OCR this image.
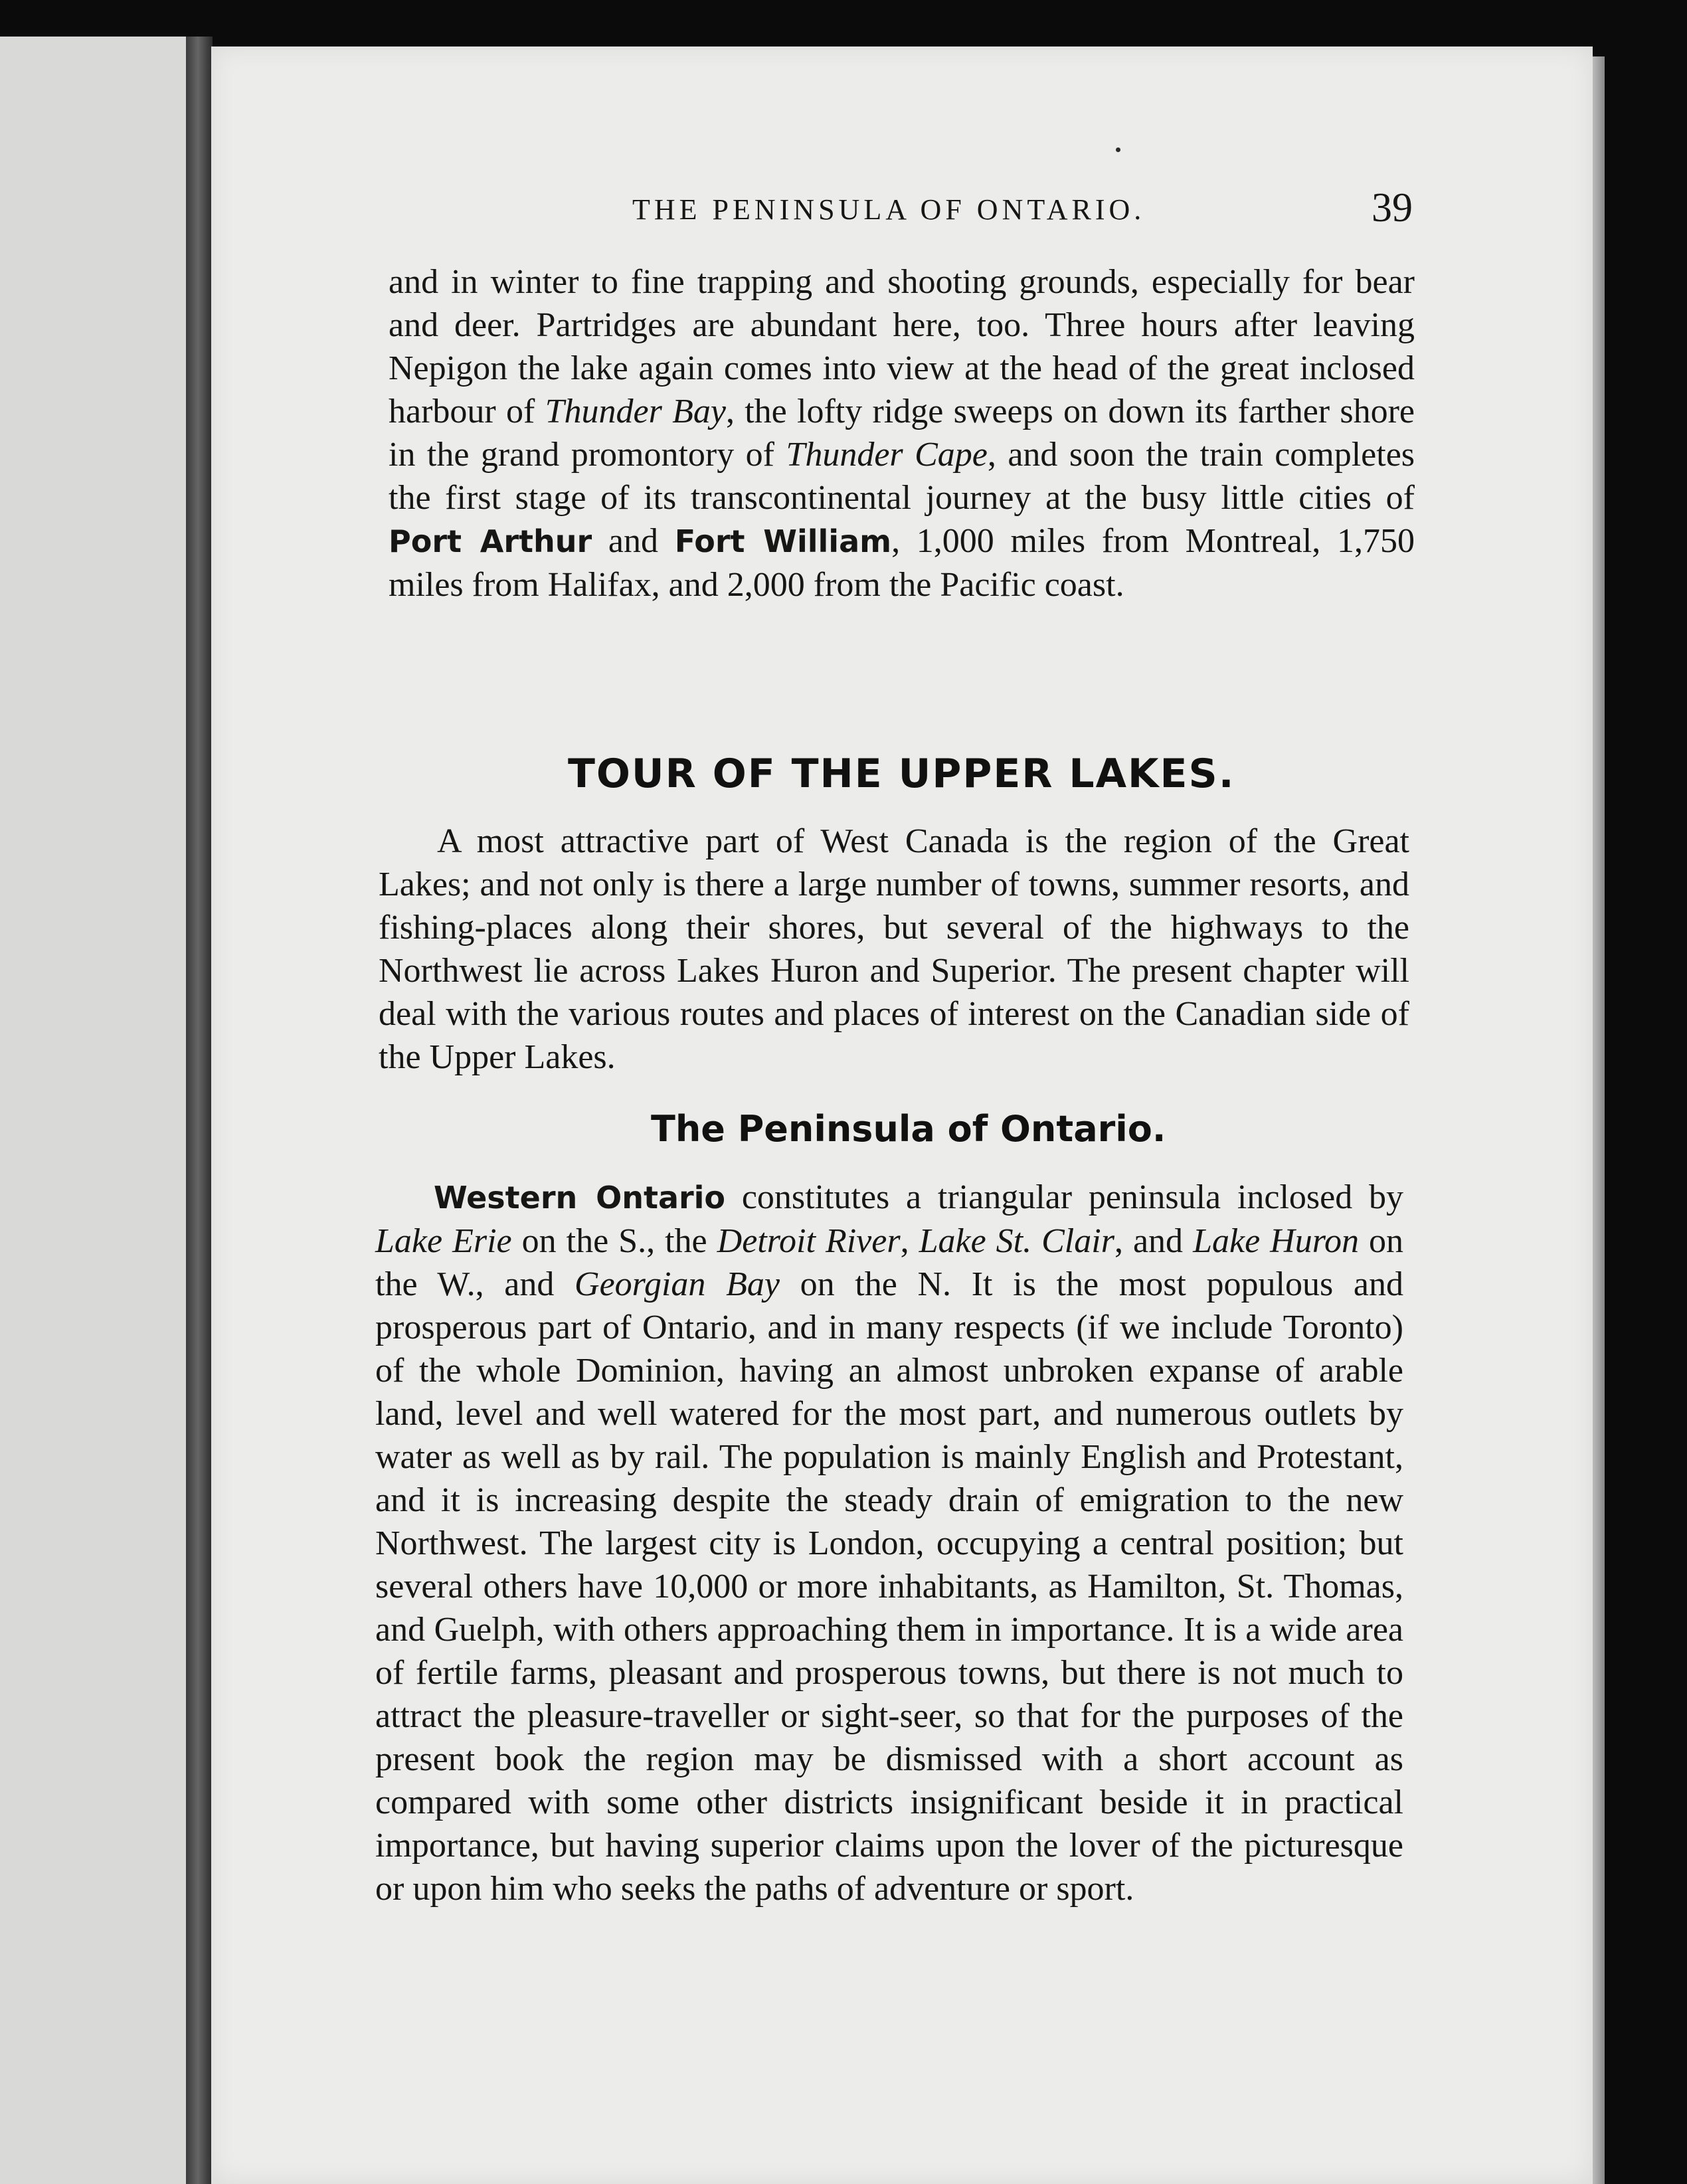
THE PENINSULA OF ONTARIO.	39

and in winter to fine trapping and shooting grounds, especially for bear and deer. Partridges are abundant here, too. Three hours after leaving Nepigon the lake again comes into view at the head of the great inclosed harbour of Thunder Bay, the lofty ridge sweeps on down its farther shore in the grand promontory of Thunder Cape, and soon the train completes the first stage of its transcontinental journey at the busy little cities of Port Arthur and Fort William, 1,000 miles from Montreal, 1,750 miles from Halifax, and 2,000 from the Pacific coast.

TOUR OF THE UPPER LAKES.

A most attractive part of West Canada is the region of the Great Lakes; and not only is there a large number of towns, summer resorts, and fishing-places along their shores, but several of the highways to the Northwest lie across Lakes Huron and Superior. The present chapter will deal with the various routes and places of interest on the Canadian side of the Upper Lakes.

The Peninsula of Ontario.

Western Ontario constitutes a triangular peninsula inclosed by Lake Erie on the S., the Detroit River, Lake St. Clair, and Lake Huron on the W., and Georgian Bay on the N. It is the most populous and prosperous part of Ontario, and in many respects (if we include Toronto) of the whole Dominion, having an almost unbroken expanse of arable land, level and well watered for the most part, and numerous outlets by water as well as by rail. The population is mainly English and Protestant, and it is increasing despite the steady drain of emigration to the new Northwest. The largest city is London, occupying a central position; but several others have 10,000 or more inhabitants, as Hamilton, St. Thomas, and Guelph, with others approaching them in importance. It is a wide area of fertile farms, pleasant and prosperous towns, but there is not much to attract the pleasure-traveller or sight-seer, so that for the purposes of the present book the region may be dismissed with a short account as compared with some other districts insignificant beside it in practical importance, but having superior claims upon the lover of the picturesque or upon him who seeks the paths of adventure or sport.
